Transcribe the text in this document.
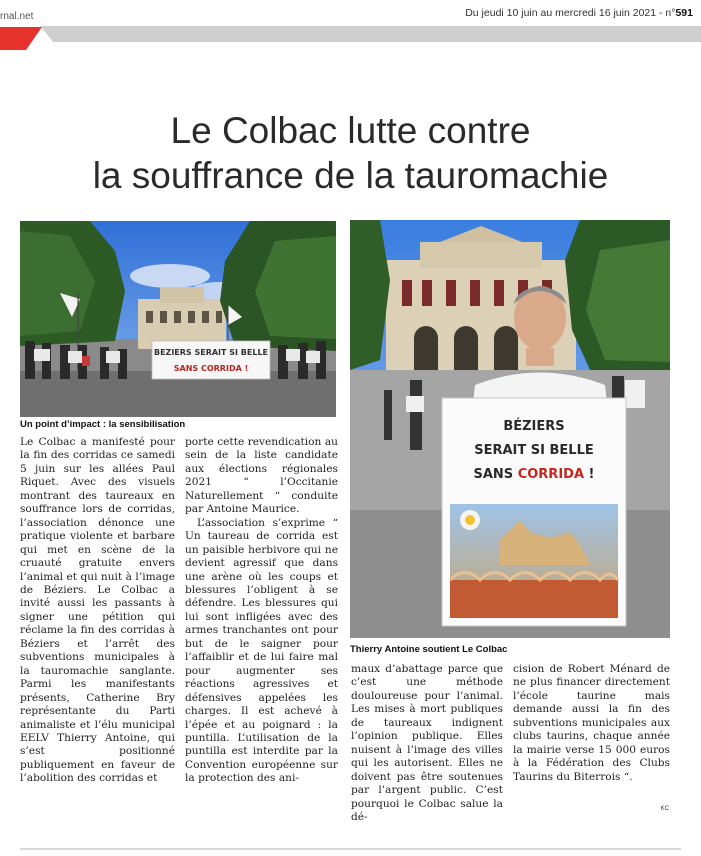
rnal.net	Du jeudi 10 juin au mercredi 16 juin 2021 - n°591
Le Colbac lutte contre
la souffrance de la tauromachie
BEZIERS SERAIT SI BELLE
SANS CORRIDA !
Un point d’impact : la sensibilisation	BÉZIERS
SERAIT SI BELLE
SANS CORRIDA !
Thierry Antoine soutient Le Colbac

Le Colbac a manifesté pour la fin des corridas ce samedi 5 juin sur les allées Paul Riquet. Avec des visuels montrant des taureaux en souffrance lors de corridas, l’association dénonce une pratique violente et barbare qui met en scène de la cruauté gratuite envers l’animal et qui nuit à l’image de Béziers. Le Colbac a invité aussi les passants à signer une pétition qui réclame la fin des corridas à Béziers et l’arrêt des subventions municipales à la tauromachie sanglante. Parmi les manifestants présents, Catherine Bry représentante du Parti animaliste et l’élu municipal EELV Thierry Antoine, qui s’est positionné publiquement en faveur de l’abolition des corridas et

porte cette revendication au sein de la liste candidate aux élections régionales 2021 “ l’Occitanie Naturellement “ conduite par Antoine Maurice.

L’association s’exprime “ Un taureau de corrida est un paisible herbivore qui ne devient agressif que dans une arène où les coups et blessures l’obligent à se défendre. Les blessures qui lui sont infligées avec des armes tranchantes ont pour but de le saigner pour l’affaiblir et de lui faire mal pour augmenter ses réactions agressives et défensives appelées les charges. Il est achevé à l’épée et au poignard : la puntilla. L’utilisation de la puntilla est interdite par la Convention européenne sur la protection des ani-

maux d’abattage parce que c’est une méthode douloureuse pour l’animal. Les mises à mort publiques de taureaux indignent l’opinion publique. Elles nuisent à l’image des villes qui les autorisent. Elles ne doivent pas être soutenues par l’argent public. C’est pourquoi le Colbac salue la dé-

cision de Robert Ménard de ne plus financer directement l’école taurine mais demande aussi la fin des subventions municipales aux clubs taurins, chaque année la mairie verse 15 000 euros à la Fédération des Clubs Taurins du Biterrois “.

KC
